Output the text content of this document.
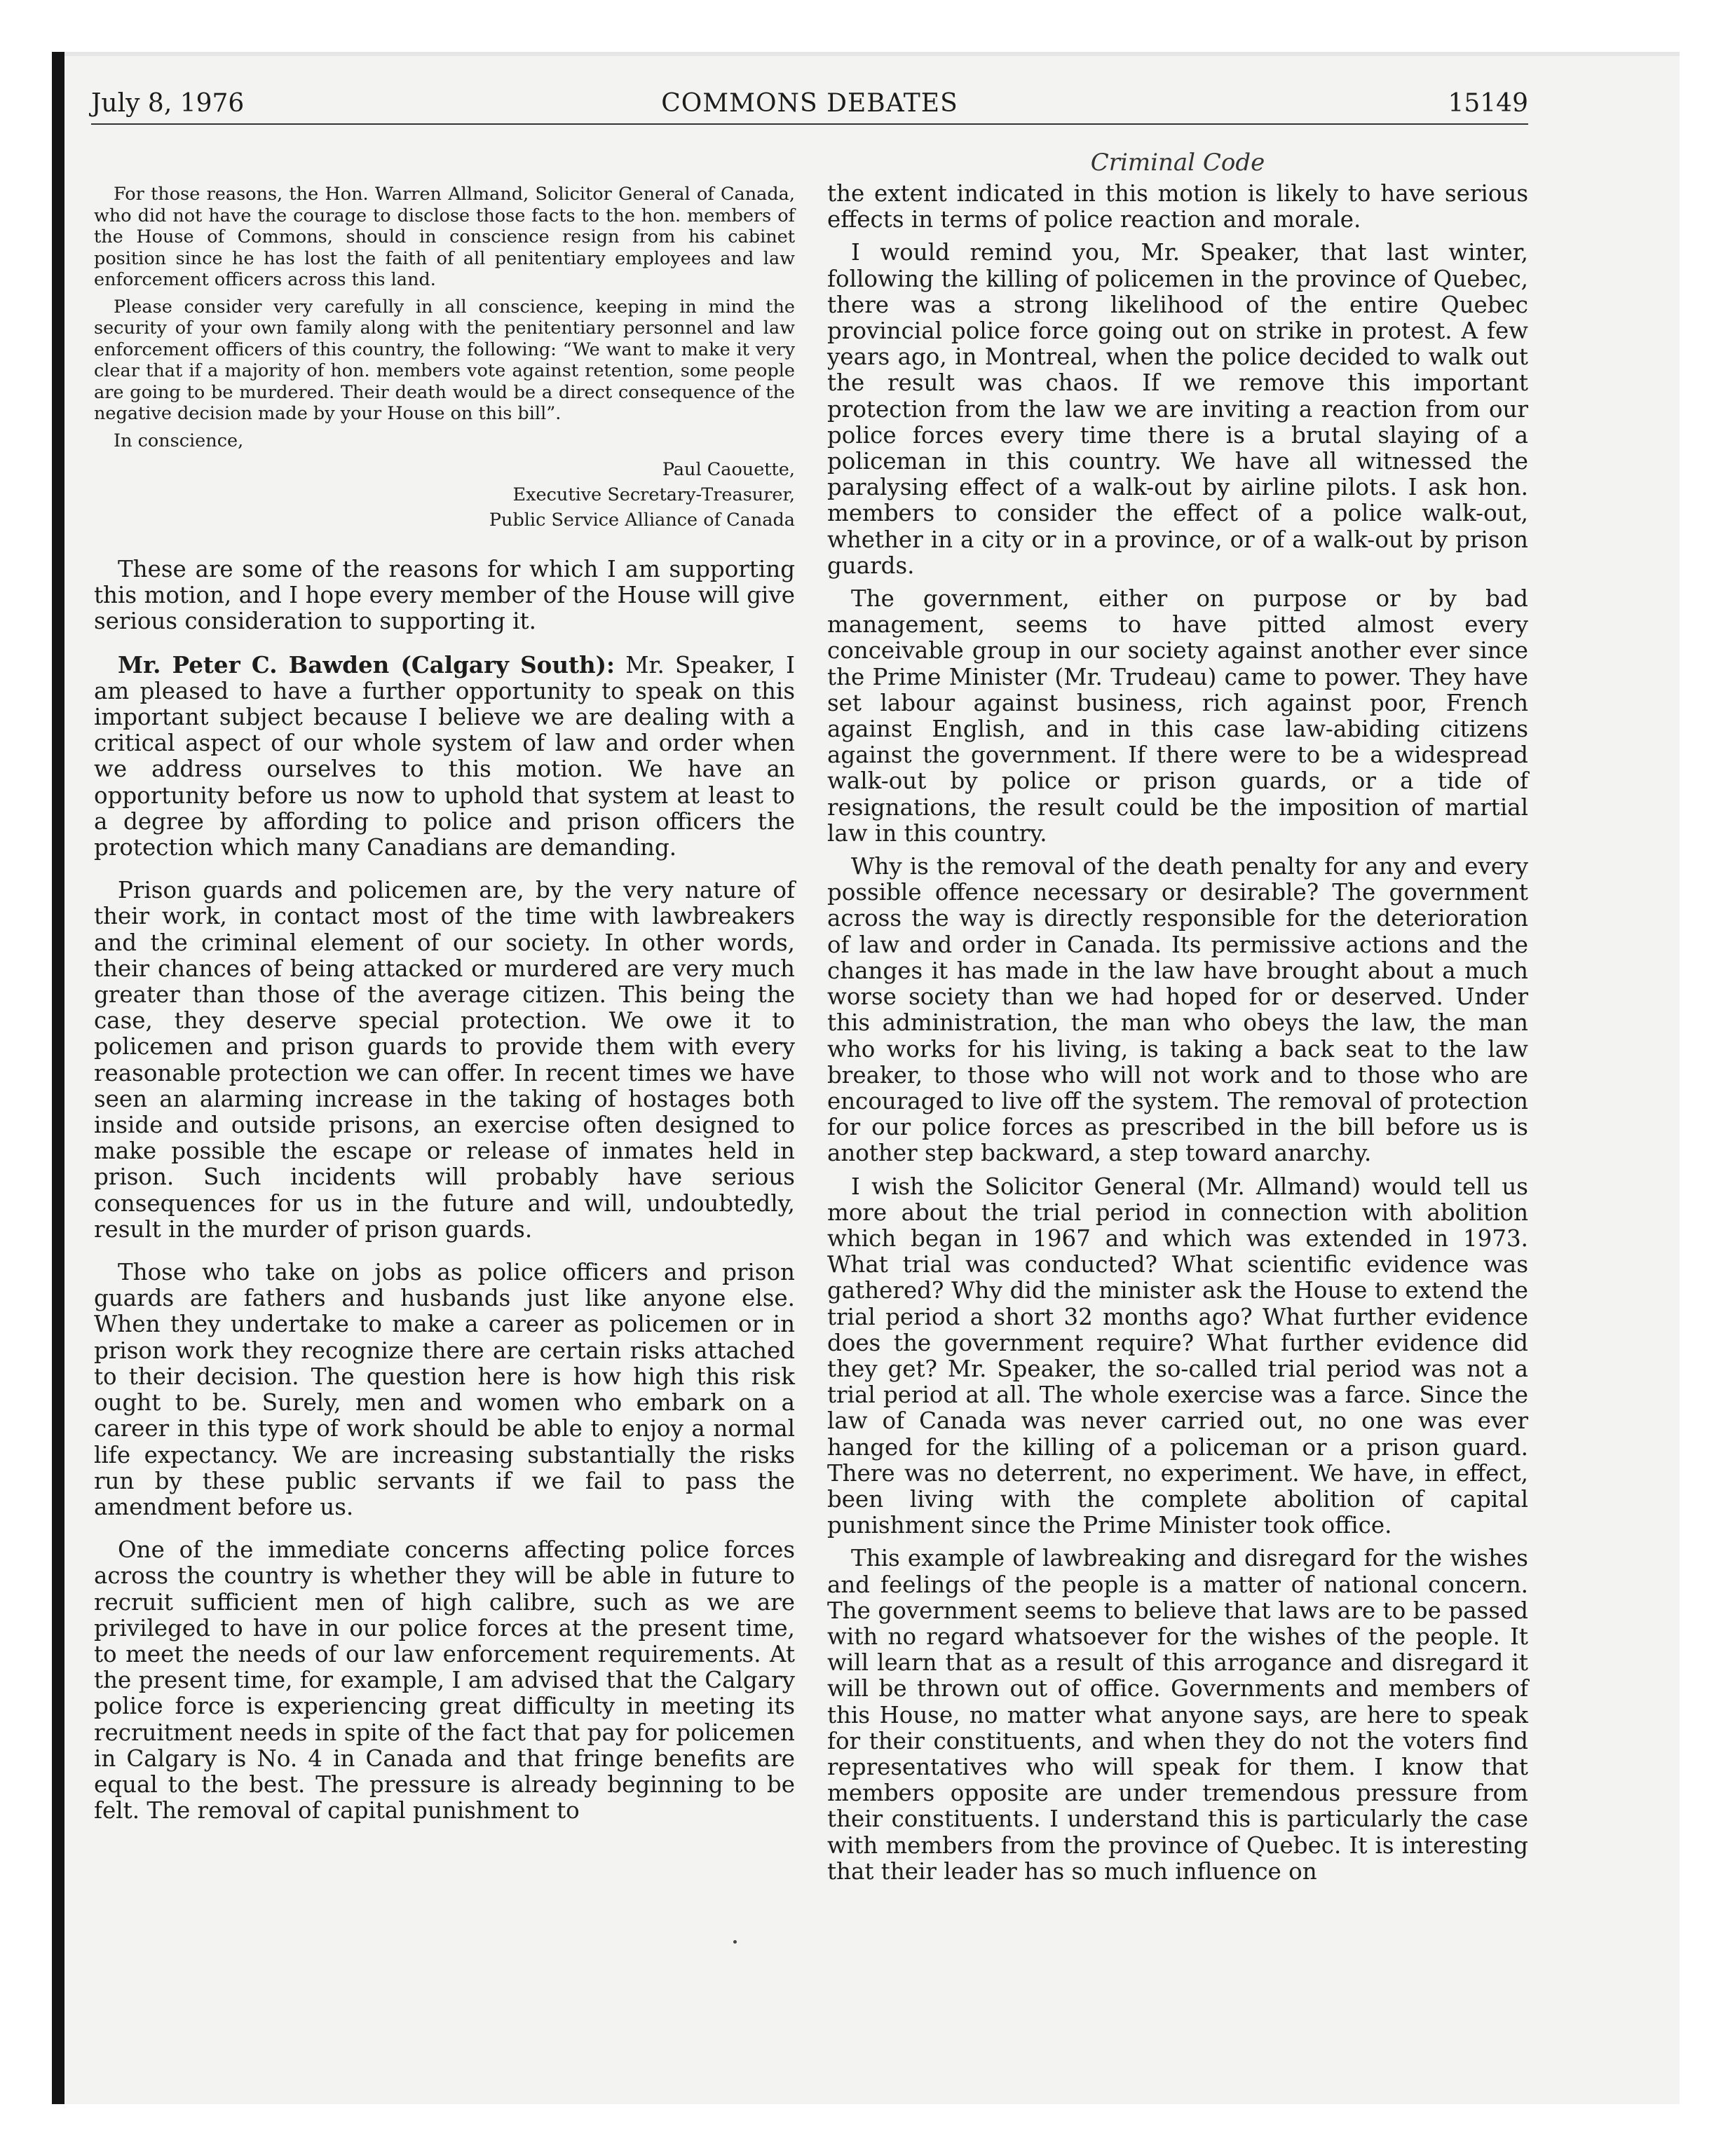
July 8, 1976	COMMONS DEBATES	15149

For those reasons, the Hon. Warren Allmand, Solicitor General of Canada, who did not have the courage to disclose those facts to the hon. members of the House of Commons, should in conscience resign from his cabinet position since he has lost the faith of all penitentiary employees and law enforcement officers across this land.

Please consider very carefully in all conscience, keeping in mind the security of your own family along with the penitentiary personnel and law enforcement officers of this country, the following: “We want to make it very clear that if a majority of hon. members vote against retention, some people are going to be murdered. Their death would be a direct consequence of the negative decision made by your House on this bill”.

In conscience,

Paul Caouette,
Executive Secretary-Treasurer,
Public Service Alliance of Canada

These are some of the reasons for which I am supporting this motion, and I hope every member of the House will give serious consideration to supporting it.

Mr. Peter C. Bawden (Calgary South): Mr. Speaker, I am pleased to have a further opportunity to speak on this important subject because I believe we are dealing with a critical aspect of our whole system of law and order when we address ourselves to this motion. We have an opportunity before us now to uphold that system at least to a degree by affording to police and prison officers the protection which many Canadians are demanding.

Prison guards and policemen are, by the very nature of their work, in contact most of the time with lawbreakers and the criminal element of our society. In other words, their chances of being attacked or murdered are very much greater than those of the average citizen. This being the case, they deserve special protection. We owe it to policemen and prison guards to provide them with every reasonable protection we can offer. In recent times we have seen an alarming increase in the taking of hostages both inside and outside prisons, an exercise often designed to make possible the escape or release of inmates held in prison. Such incidents will probably have serious consequences for us in the future and will, undoubtedly, result in the murder of prison guards.

Those who take on jobs as police officers and prison guards are fathers and husbands just like anyone else. When they undertake to make a career as policemen or in prison work they recognize there are certain risks attached to their decision. The question here is how high this risk ought to be. Surely, men and women who embark on a career in this type of work should be able to enjoy a normal life expectancy. We are increasing substantially the risks run by these public servants if we fail to pass the amendment before us.

One of the immediate concerns affecting police forces across the country is whether they will be able in future to recruit sufficient men of high calibre, such as we are privileged to have in our police forces at the present time, to meet the needs of our law enforcement requirements. At the present time, for example, I am advised that the Calgary police force is experiencing great difficulty in meeting its recruitment needs in spite of the fact that pay for policemen in Calgary is No. 4 in Canada and that fringe benefits are equal to the best. The pressure is already beginning to be felt. The removal of capital punishment to

Criminal Code

the extent indicated in this motion is likely to have serious effects in terms of police reaction and morale.

I would remind you, Mr. Speaker, that last winter, following the killing of policemen in the province of Quebec, there was a strong likelihood of the entire Quebec provincial police force going out on strike in protest. A few years ago, in Montreal, when the police decided to walk out the result was chaos. If we remove this important protection from the law we are inviting a reaction from our police forces every time there is a brutal slaying of a policeman in this country. We have all witnessed the paralysing effect of a walk-out by airline pilots. I ask hon. members to consider the effect of a police walk-out, whether in a city or in a province, or of a walk-out by prison guards.

The government, either on purpose or by bad management, seems to have pitted almost every conceivable group in our society against another ever since the Prime Minister (Mr. Trudeau) came to power. They have set labour against business, rich against poor, French against English, and in this case law-abiding citizens against the government. If there were to be a widespread walk-out by police or prison guards, or a tide of resignations, the result could be the imposition of martial law in this country.

Why is the removal of the death penalty for any and every possible offence necessary or desirable? The government across the way is directly responsible for the deterioration of law and order in Canada. Its permissive actions and the changes it has made in the law have brought about a much worse society than we had hoped for or deserved. Under this administration, the man who obeys the law, the man who works for his living, is taking a back seat to the law breaker, to those who will not work and to those who are encouraged to live off the system. The removal of protection for our police forces as prescribed in the bill before us is another step backward, a step toward anarchy.

I wish the Solicitor General (Mr. Allmand) would tell us more about the trial period in connection with abolition which began in 1967 and which was extended in 1973. What trial was conducted? What scientific evidence was gathered? Why did the minister ask the House to extend the trial period a short 32 months ago? What further evidence does the government require? What further evidence did they get? Mr. Speaker, the so-called trial period was not a trial period at all. The whole exercise was a farce. Since the law of Canada was never carried out, no one was ever hanged for the killing of a policeman or a prison guard. There was no deterrent, no experiment. We have, in effect, been living with the complete abolition of capital punishment since the Prime Minister took office.

This example of lawbreaking and disregard for the wishes and feelings of the people is a matter of national concern. The government seems to believe that laws are to be passed with no regard whatsoever for the wishes of the people. It will learn that as a result of this arrogance and disregard it will be thrown out of office. Governments and members of this House, no matter what anyone says, are here to speak for their constituents, and when they do not the voters find representatives who will speak for them. I know that members opposite are under tremendous pressure from their constituents. I understand this is particularly the case with members from the province of Quebec. It is interesting that their leader has so much influence on
